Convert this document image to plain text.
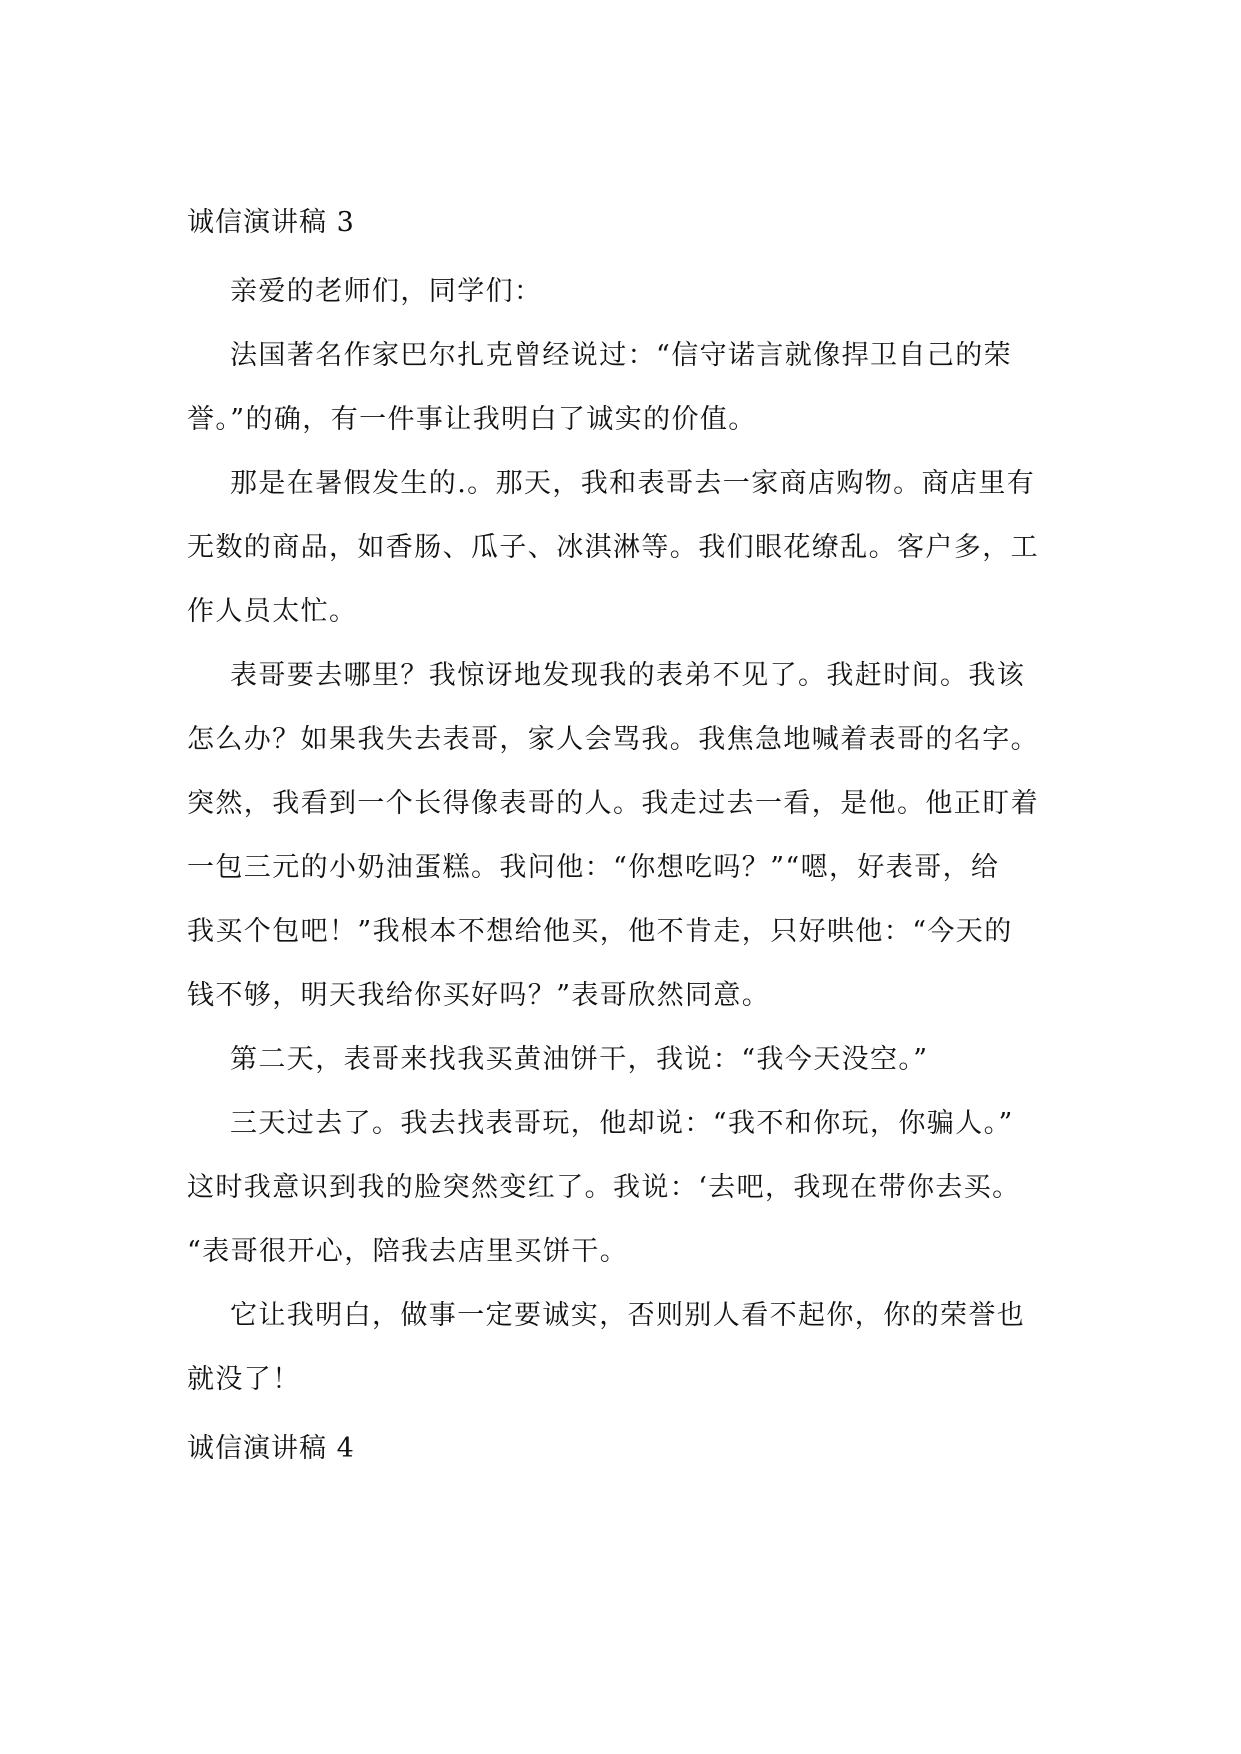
诚信演讲稿 3

亲爱的老师们，同学们：

法国著名作家巴尔扎克曾经说过：“信守诺言就像捍卫自己的荣
誉。”的确，有一件事让我明白了诚实的价值。

那是在暑假发生的.。那天，我和表哥去一家商店购物。商店里有
无数的商品，如香肠、瓜子、冰淇淋等。我们眼花缭乱。客户多，工
作人员太忙。

表哥要去哪里？我惊讶地发现我的表弟不见了。我赶时间。我该
怎么办？如果我失去表哥，家人会骂我。我焦急地喊着表哥的名字。
突然，我看到一个长得像表哥的人。我走过去一看，是他。他正盯着
一包三元的小奶油蛋糕。我问他：“你想吃吗？”“嗯，好表哥，给
我买个包吧！”我根本不想给他买，他不肯走，只好哄他：“今天的
钱不够，明天我给你买好吗？”表哥欣然同意。

第二天，表哥来找我买黄油饼干，我说：“我今天没空。”

三天过去了。我去找表哥玩，他却说：“我不和你玩，你骗人。”
这时我意识到我的脸突然变红了。我说：‘去吧，我现在带你去买。
“表哥很开心，陪我去店里买饼干。

它让我明白，做事一定要诚实，否则别人看不起你，你的荣誉也
就没了！

诚信演讲稿 4
